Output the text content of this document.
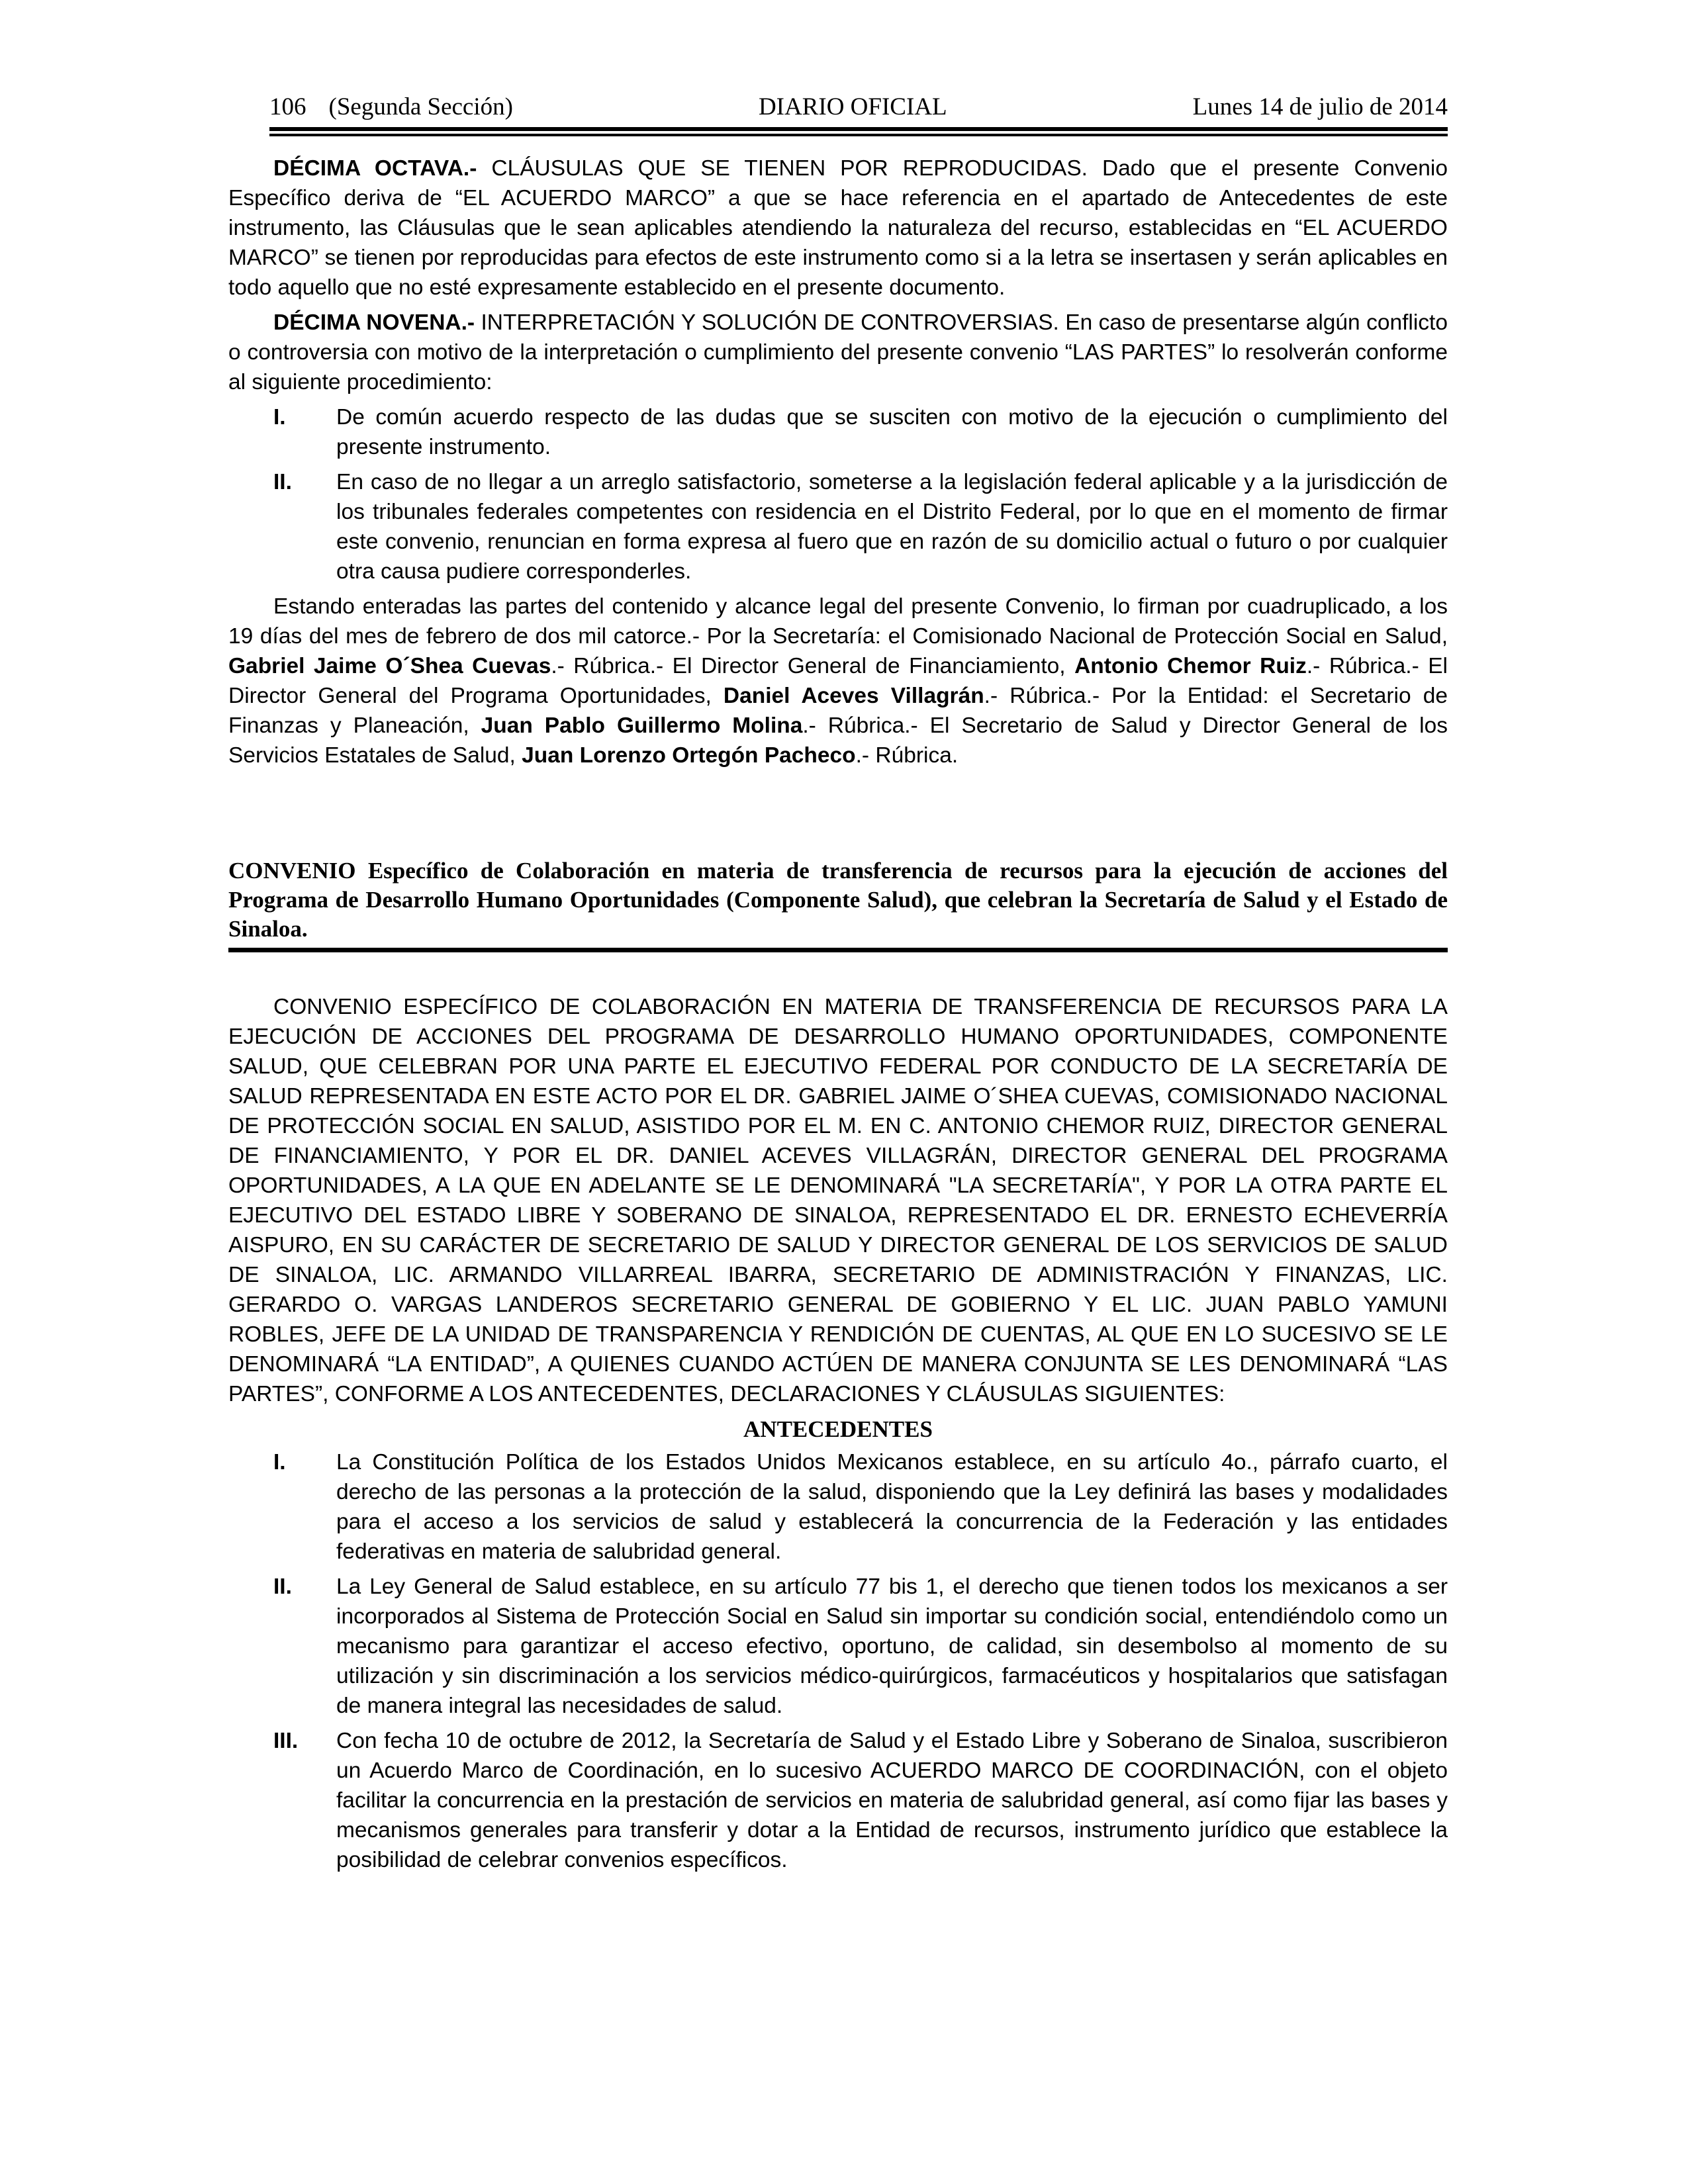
106 (Segunda Sección)	DIARIO OFICIAL	Lunes 14 de julio de 2014

DÉCIMA OCTAVA.- CLÁUSULAS QUE SE TIENEN POR REPRODUCIDAS. Dado que el presente Convenio Específico deriva de “EL ACUERDO MARCO” a que se hace referencia en el apartado de Antecedentes de este instrumento, las Cláusulas que le sean aplicables atendiendo la naturaleza del recurso, establecidas en “EL ACUERDO MARCO” se tienen por reproducidas para efectos de este instrumento como si a la letra se insertasen y serán aplicables en todo aquello que no esté expresamente establecido en el presente documento.

DÉCIMA NOVENA.- INTERPRETACIÓN Y SOLUCIÓN DE CONTROVERSIAS. En caso de presentarse algún conflicto o controversia con motivo de la interpretación o cumplimiento del presente convenio “LAS PARTES” lo resolverán conforme al siguiente procedimiento:

I.	De común acuerdo respecto de las dudas que se susciten con motivo de la ejecución o cumplimiento del presente instrumento.
II.	En caso de no llegar a un arreglo satisfactorio, someterse a la legislación federal aplicable y a la jurisdicción de los tribunales federales competentes con residencia en el Distrito Federal, por lo que en el momento de firmar este convenio, renuncian en forma expresa al fuero que en razón de su domicilio actual o futuro o por cualquier otra causa pudiere corresponderles.

Estando enteradas las partes del contenido y alcance legal del presente Convenio, lo firman por cuadruplicado, a los 19 días del mes de febrero de dos mil catorce.- Por la Secretaría: el Comisionado Nacional de Protección Social en Salud, Gabriel Jaime O´Shea Cuevas.- Rúbrica.- El Director General de Financiamiento, Antonio Chemor Ruiz.- Rúbrica.- El Director General del Programa Oportunidades, Daniel Aceves Villagrán.- Rúbrica.- Por la Entidad: el Secretario de Finanzas y Planeación, Juan Pablo Guillermo Molina.- Rúbrica.- El Secretario de Salud y Director General de los Servicios Estatales de Salud, Juan Lorenzo Ortegón Pacheco.- Rúbrica.

CONVENIO Específico de Colaboración en materia de transferencia de recursos para la ejecución de acciones del Programa de Desarrollo Humano Oportunidades (Componente Salud), que celebran la Secretaría de Salud y el Estado de Sinaloa.

CONVENIO ESPECÍFICO DE COLABORACIÓN EN MATERIA DE TRANSFERENCIA DE RECURSOS PARA LA EJECUCIÓN DE ACCIONES DEL PROGRAMA DE DESARROLLO HUMANO OPORTUNIDADES, COMPONENTE SALUD, QUE CELEBRAN POR UNA PARTE EL EJECUTIVO FEDERAL POR CONDUCTO DE LA SECRETARÍA DE SALUD REPRESENTADA EN ESTE ACTO POR EL DR. GABRIEL JAIME O´SHEA CUEVAS, COMISIONADO NACIONAL DE PROTECCIÓN SOCIAL EN SALUD, ASISTIDO POR EL M. EN C. ANTONIO CHEMOR RUIZ, DIRECTOR GENERAL DE FINANCIAMIENTO, Y POR EL DR. DANIEL ACEVES VILLAGRÁN, DIRECTOR GENERAL DEL PROGRAMA OPORTUNIDADES, A LA QUE EN ADELANTE SE LE DENOMINARÁ "LA SECRETARÍA", Y POR LA OTRA PARTE EL EJECUTIVO DEL ESTADO LIBRE Y SOBERANO DE SINALOA, REPRESENTADO EL DR. ERNESTO ECHEVERRÍA AISPURO, EN SU CARÁCTER DE SECRETARIO DE SALUD Y DIRECTOR GENERAL DE LOS SERVICIOS DE SALUD DE SINALOA, LIC. ARMANDO VILLARREAL IBARRA, SECRETARIO DE ADMINISTRACIÓN Y FINANZAS, LIC. GERARDO O. VARGAS LANDEROS SECRETARIO GENERAL DE GOBIERNO Y EL LIC. JUAN PABLO YAMUNI ROBLES, JEFE DE LA UNIDAD DE TRANSPARENCIA Y RENDICIÓN DE CUENTAS, AL QUE EN LO SUCESIVO SE LE DENOMINARÁ “LA ENTIDAD”, A QUIENES CUANDO ACTÚEN DE MANERA CONJUNTA SE LES DENOMINARÁ “LAS PARTES”, CONFORME A LOS ANTECEDENTES, DECLARACIONES Y CLÁUSULAS SIGUIENTES:

ANTECEDENTES
I.	La Constitución Política de los Estados Unidos Mexicanos establece, en su artículo 4o., párrafo cuarto, el derecho de las personas a la protección de la salud, disponiendo que la Ley definirá las bases y modalidades para el acceso a los servicios de salud y establecerá la concurrencia de la Federación y las entidades federativas en materia de salubridad general.
II.	La Ley General de Salud establece, en su artículo 77 bis 1, el derecho que tienen todos los mexicanos a ser incorporados al Sistema de Protección Social en Salud sin importar su condición social, entendiéndolo como un mecanismo para garantizar el acceso efectivo, oportuno, de calidad, sin desembolso al momento de su utilización y sin discriminación a los servicios médico-quirúrgicos, farmacéuticos y hospitalarios que satisfagan de manera integral las necesidades de salud.
III.	Con fecha 10 de octubre de 2012, la Secretaría de Salud y el Estado Libre y Soberano de Sinaloa, suscribieron un Acuerdo Marco de Coordinación, en lo sucesivo ACUERDO MARCO DE COORDINACIÓN, con el objeto facilitar la concurrencia en la prestación de servicios en materia de salubridad general, así como fijar las bases y mecanismos generales para transferir y dotar a la Entidad de recursos, instrumento jurídico que establece la posibilidad de celebrar convenios específicos.
